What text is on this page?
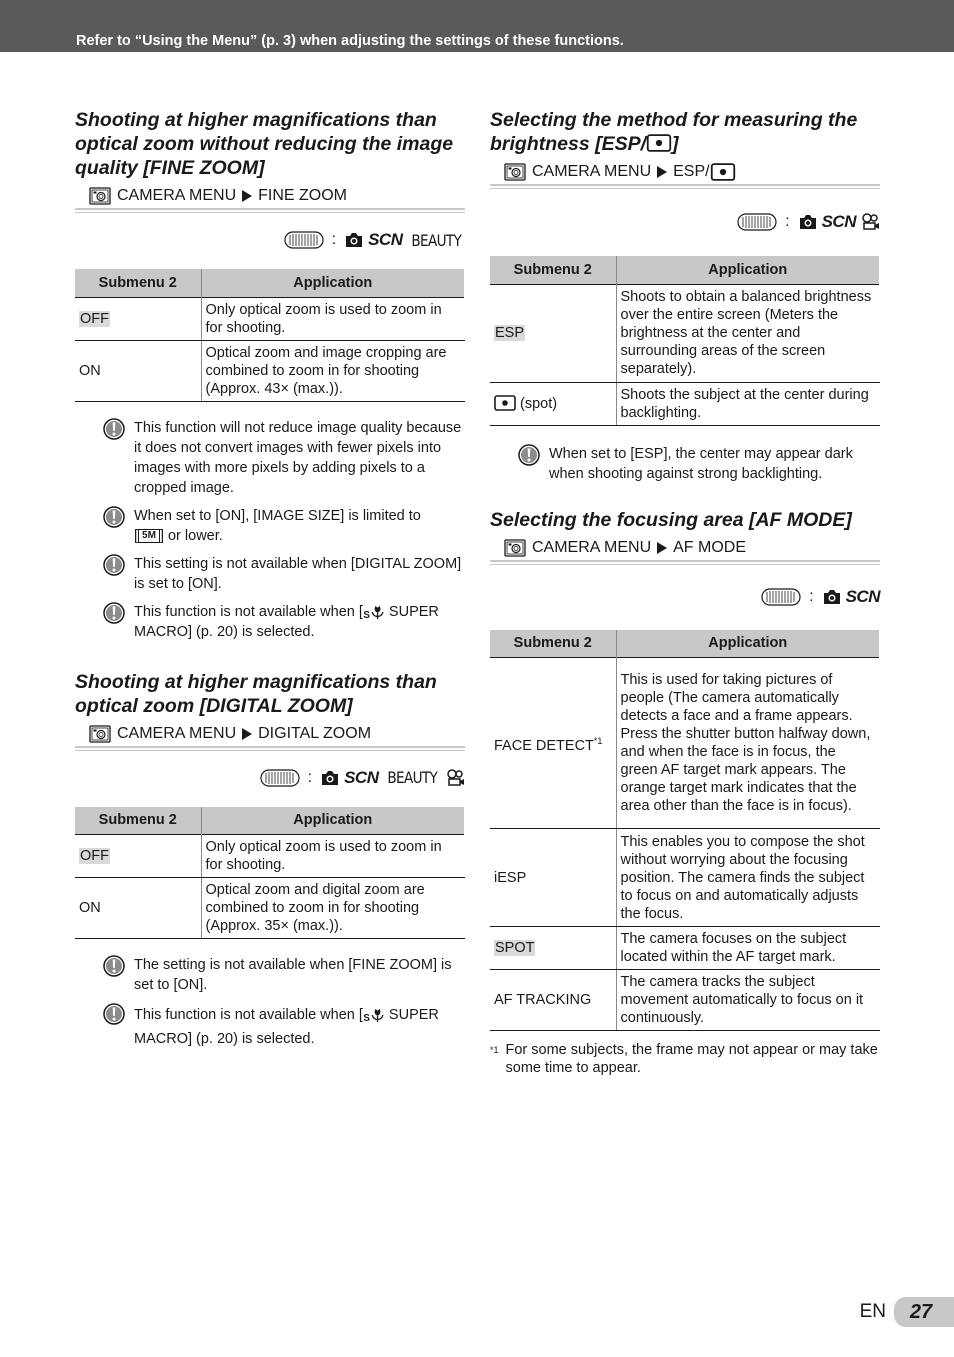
Refer to “Using the Menu” (p. 3) when adjusting the settings of these functions.
Shooting at higher magnifications than optical zoom without reducing the image quality [FINE ZOOM]
CAMERA MENU FINE ZOOM
: SCN BEAUTY
Submenu 2	Application
OFF	Only optical zoom is used to zoom in for shooting.
ON	Optical zoom and image cropping are combined to zoom in for shooting (Approx. 43× (max.)).
This function will not reduce image quality because it does not convert images with fewer pixels into images with more pixels by adding pixels to a cropped image.
When set to [ON], [IMAGE SIZE] is limited to
[ 5M ] or lower.
This setting is not available when [DIGITAL ZOOM] is set to [ON].
This function is not available when [ SUPER MACRO] (p. 20) is selected.
Shooting at higher magnifications than optical zoom [DIGITAL ZOOM]
CAMERA MENU DIGITAL ZOOM
: SCN BEAUTY
Submenu 2	Application
OFF	Only optical zoom is used to zoom in for shooting.
ON	Optical zoom and digital zoom are combined to zoom in for shooting (Approx. 35× (max.)).
The setting is not available when [FINE ZOOM] is set to [ON].
This function is not available when [ SUPER MACRO] (p. 20) is selected.
Selecting the method for measuring the brightness [ESP/ ]
CAMERA MENU ESP/
: SCN
Submenu 2	Application
ESP	Shoots to obtain a balanced brightness over the entire screen (Meters the brightness at the center and surrounding areas of the screen separately).
(spot)	Shoots the subject at the center during backlighting.
When set to [ESP], the center may appear dark when shooting against strong backlighting.
Selecting the focusing area [AF MODE]
CAMERA MENU AF MODE
: SCN
Submenu 2	Application
FACE DETECT$^{*1}$	This is used for taking pictures of people (The camera automatically detects a face and a frame appears. Press the shutter button halfway down, and when the face is in focus, the green AF target mark appears. The orange target mark indicates that the area other than the face is in focus).
iESP	This enables you to compose the shot without worrying about the focusing position. The camera finds the subject to focus on and automatically adjusts the focus.
SPOT	The camera focuses on the subject located within the AF target mark.
AF TRACKING	The camera tracks the subject movement automatically to focus on it continuously.
*1 For some subjects, the frame may not appear or may take some time to appear.
EN	27
